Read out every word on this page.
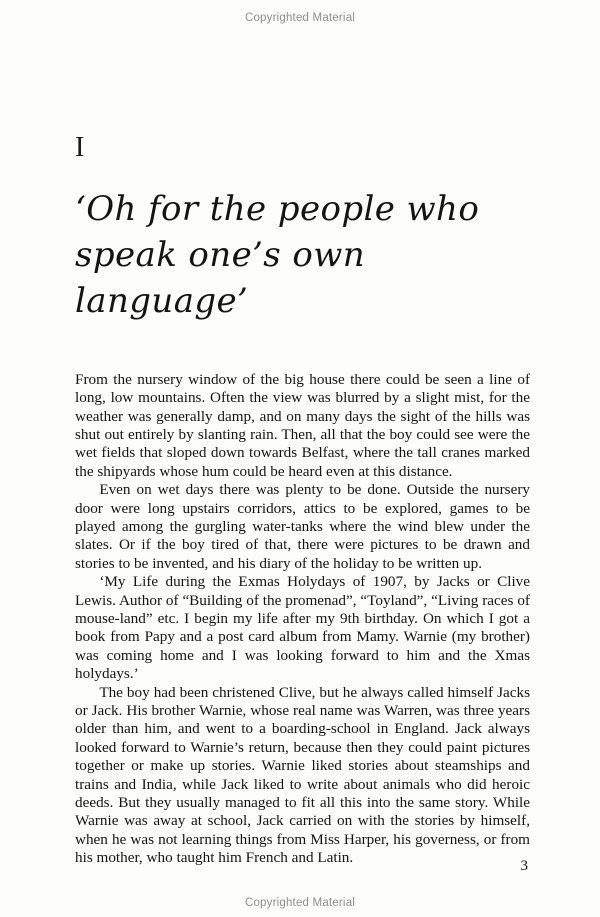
Copyrighted Material
I
‘Oh for the people who
speak one’s own language’

From the nursery window of the big house there could be seen a line of long, low mountains. Often the view was blurred by a slight mist, for the weather was generally damp, and on many days the sight of the hills was shut out entirely by slanting rain. Then, all that the boy could see were the wet fields that sloped down towards Belfast, where the tall cranes marked the shipyards whose hum could be heard even at this distance.

Even on wet days there was plenty to be done. Outside the nursery door were long upstairs corridors, attics to be explored, games to be played among the gurgling water-tanks where the wind blew under the slates. Or if the boy tired of that, there were pictures to be drawn and stories to be invented, and his diary of the holiday to be written up.

‘My Life during the Exmas Holydays of 1907, by Jacks or Clive Lewis. Author of “Building of the promenad”, “Toyland”, “Living races of mouse-land” etc. I begin my life after my 9th birthday. On which I got a book from Papy and a post card album from Mamy. Warnie (my brother) was coming home and I was looking forward to him and the Xmas holydays.’

The boy had been christened Clive, but he always called himself Jacks or Jack. His brother Warnie, whose real name was Warren, was three years older than him, and went to a boarding-school in England. Jack always looked forward to Warnie’s return, because then they could paint pictures together or make up stories. Warnie liked stories about steamships and trains and India, while Jack liked to write about animals who did heroic deeds. But they usually managed to fit all this into the same story. While Warnie was away at school, Jack carried on with the stories by himself, when he was not learning things from Miss Harper, his governess, or from his mother, who taught him French and Latin.	3
Copyrighted Material
